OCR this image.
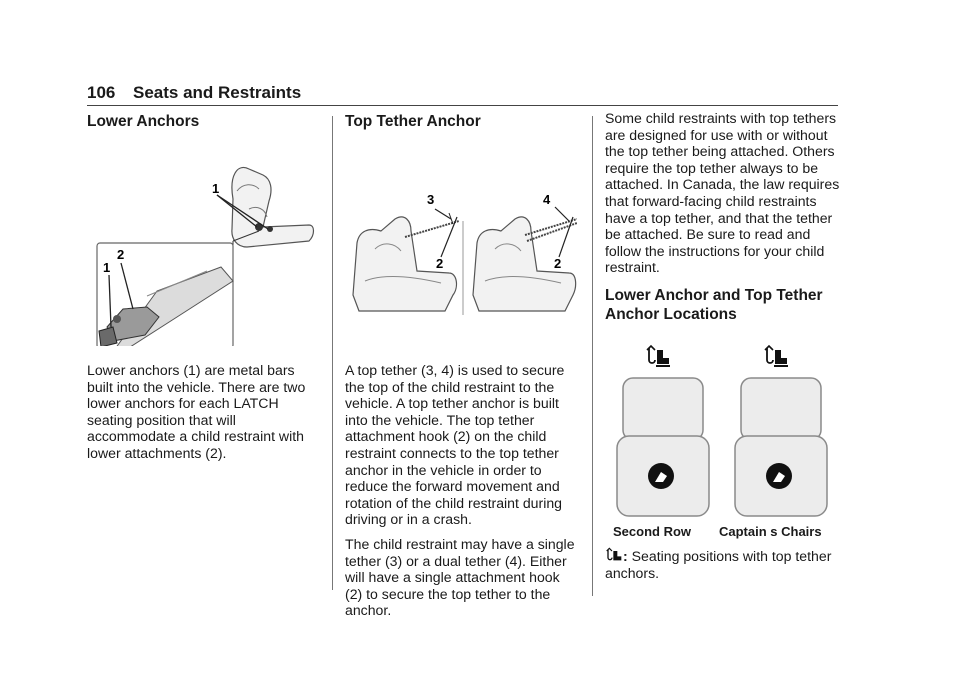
106 Seats and Restraints
Lower Anchors
1
2
1

Lower anchors (1) are metal bars built into the vehicle. There are two lower anchors for each LATCH seating position that will accommodate a child restraint with lower attachments (2).

Top Tether Anchor
3
2
4
2

A top tether (3, 4) is used to secure the top of the child restraint to the vehicle. A top tether anchor is built into the vehicle. The top tether attachment hook (2) on the child restraint connects to the top tether anchor in the vehicle in order to reduce the forward movement and rotation of the child restraint during driving or in a crash.

The child restraint may have a single tether (3) or a dual tether (4). Either will have a single attachment hook (2) to secure the top tether to the anchor.

Some child restraints with top tethers are designed for use with or without the top tether being attached. Others require the top tether always to be attached. In Canada, the law requires that forward-facing child restraints have a top tether, and that the tether be attached. Be sure to read and follow the instructions for your child restraint.

Lower Anchor and Top Tether Anchor Locations
Second Row	Captain s Chairs
: Seating positions with top tether anchors.
